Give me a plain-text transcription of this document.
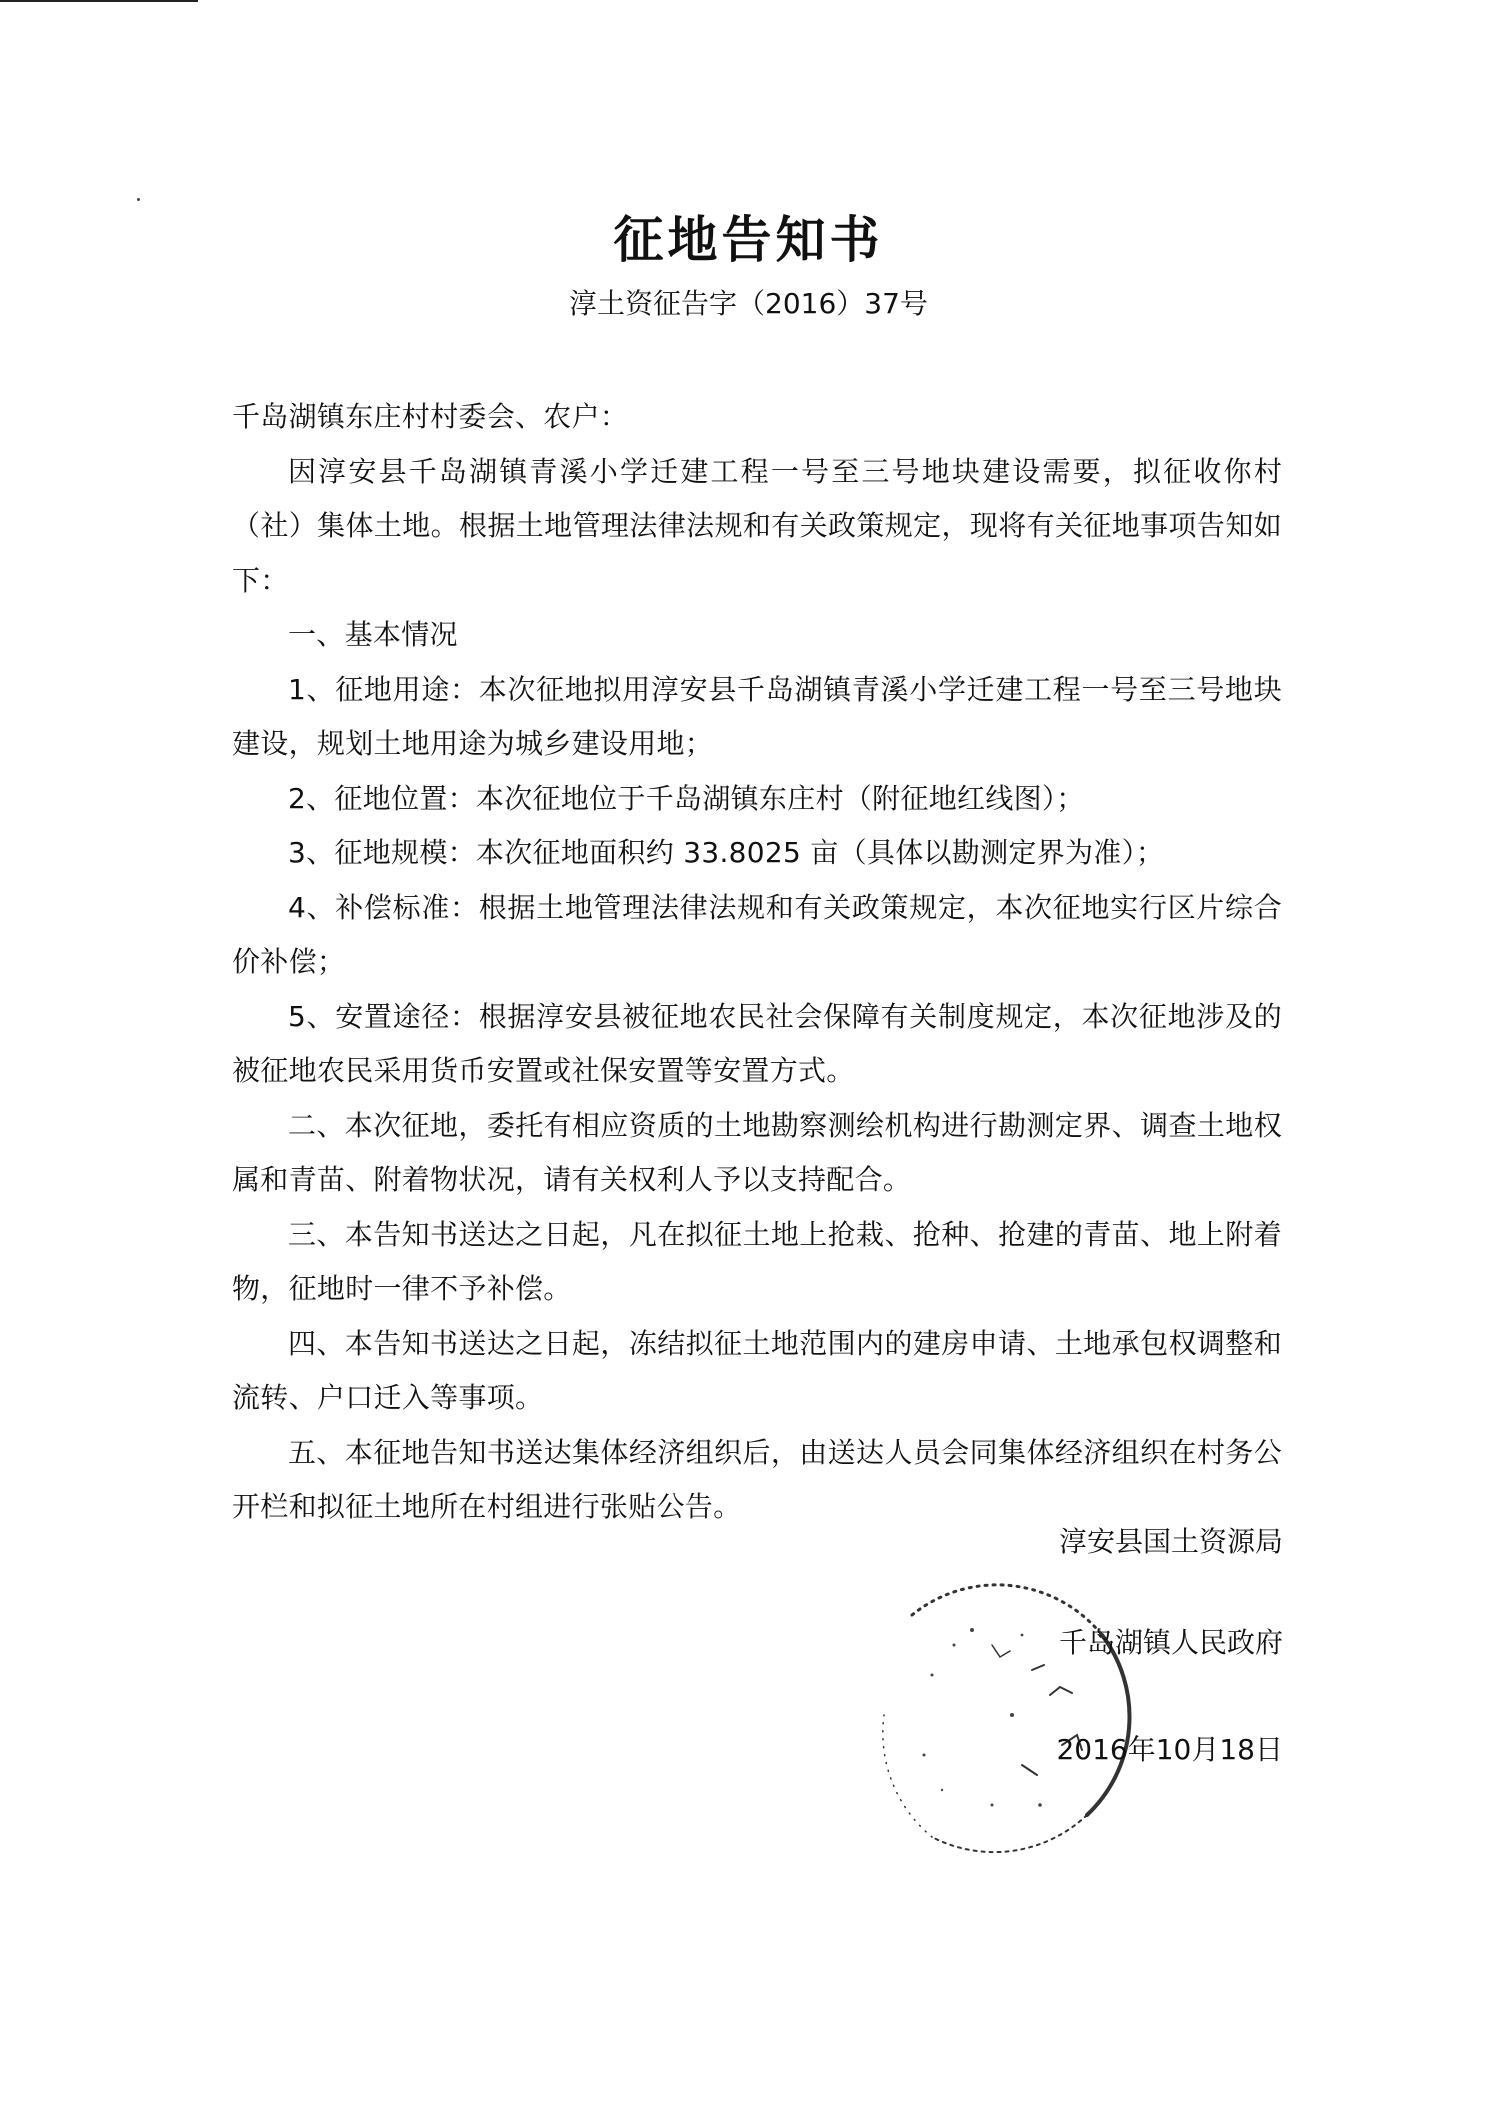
征地告知书
淳土资征告字（2016）37号

千岛湖镇东庄村村委会、农户：

因淳安县千岛湖镇青溪小学迁建工程一号至三号地块建设需要，拟征收你村（社）集体土地。根据土地管理法律法规和有关政策规定，现将有关征地事项告知如下：

一、基本情况

1、征地用途：本次征地拟用淳安县千岛湖镇青溪小学迁建工程一号至三号地块建设，规划土地用途为城乡建设用地；

2、征地位置：本次征地位于千岛湖镇东庄村（附征地红线图）；

3、征地规模：本次征地面积约 33.8025 亩（具体以勘测定界为准）；

4、补偿标准：根据土地管理法律法规和有关政策规定，本次征地实行区片综合价补偿；

5、安置途径：根据淳安县被征地农民社会保障有关制度规定，本次征地涉及的被征地农民采用货币安置或社保安置等安置方式。

二、本次征地，委托有相应资质的土地勘察测绘机构进行勘测定界、调查土地权属和青苗、附着物状况，请有关权利人予以支持配合。

三、本告知书送达之日起，凡在拟征土地上抢栽、抢种、抢建的青苗、地上附着物，征地时一律不予补偿。

四、本告知书送达之日起，冻结拟征土地范围内的建房申请、土地承包权调整和流转、户口迁入等事项。

五、本征地告知书送达集体经济组织后，由送达人员会同集体经济组织在村务公开栏和拟征土地所在村组进行张贴公告。

淳安县国土资源局
千岛湖镇人民政府
2016年10月18日
